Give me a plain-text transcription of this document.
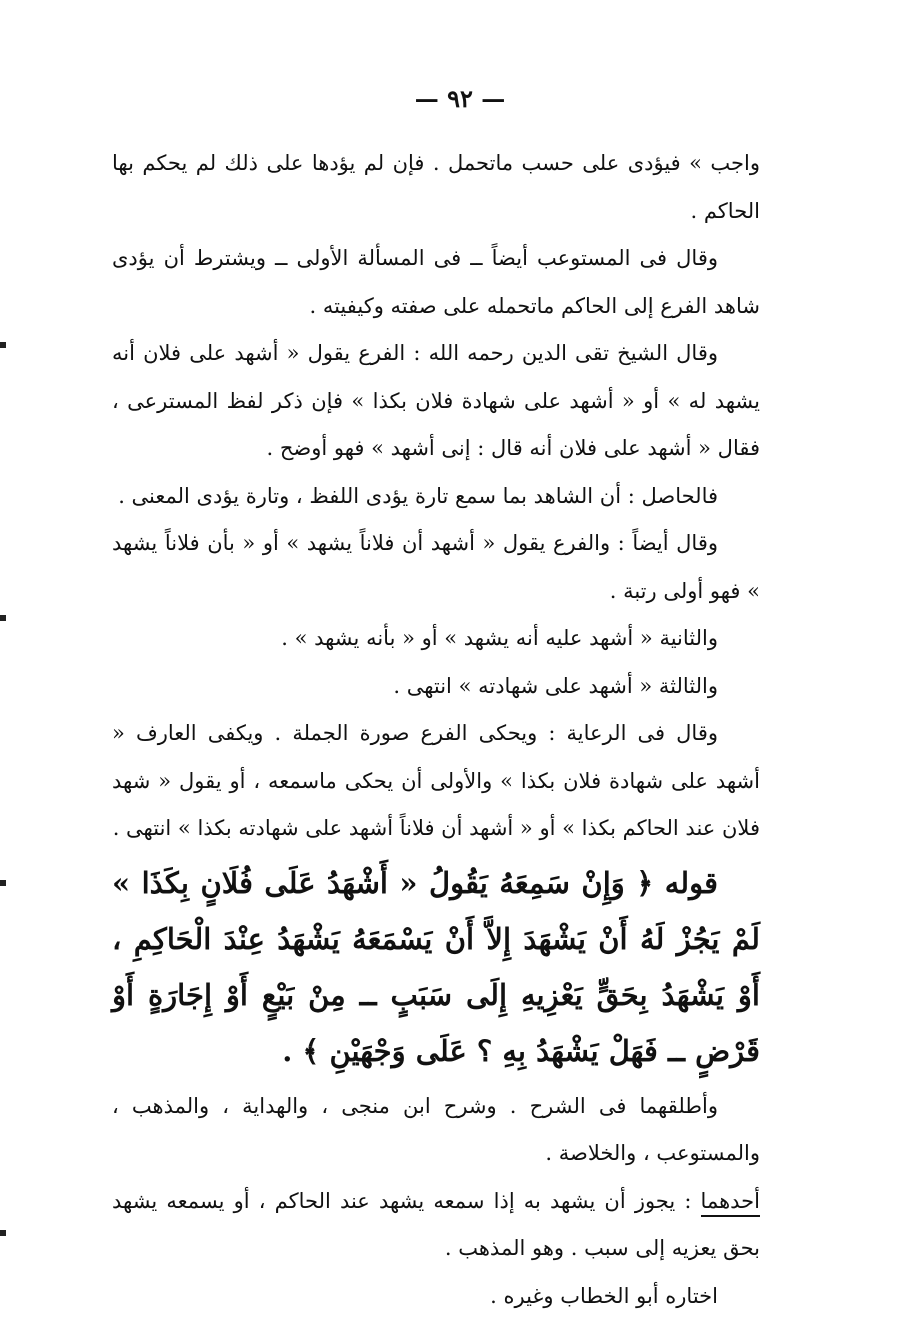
— ٩٢ —

واجب » فيؤدى على حسب ماتحمل . فإن لم يؤدها على ذلك لم يحكم بها الحاكم .

وقال فى المستوعب أيضاً ــ فى المسألة الأولى ــ ويشترط أن يؤدى شاهد الفرع إلى الحاكم ماتحمله على صفته وكيفيته .

وقال الشيخ تقى الدين رحمه الله : الفرع يقول « أشهد على فلان أنه يشهد له » أو « أشهد على شهادة فلان بكذا » فإن ذكر لفظ المسترعى ، فقال « أشهد على فلان أنه قال : إنى أشهد » فهو أوضح .

فالحاصل : أن الشاهد بما سمع تارة يؤدى اللفظ ، وتارة يؤدى المعنى .

وقال أيضاً : والفرع يقول « أشهد أن فلاناً يشهد » أو « بأن فلاناً يشهد » فهو أولى رتبة .

والثانية « أشهد عليه أنه يشهد » أو « بأنه يشهد » .

والثالثة « أشهد على شهادته » انتهى .

وقال فى الرعاية : ويحكى الفرع صورة الجملة . ويكفى العارف « أشهد على شهادة فلان بكذا » والأولى أن يحكى ماسمعه ، أو يقول « شهد فلان عند الحاكم بكذا » أو « أشهد أن فلاناً أشهد على شهادته بكذا » انتهى .

قوله ﴿ وَإِنْ سَمِعَهُ يَقُولُ « أَشْهَدُ عَلَى فُلَانٍ بِكَذَا » لَمْ يَجُزْ لَهُ أَنْ يَشْهَدَ إِلاَّ أَنْ يَسْمَعَهُ يَشْهَدُ عِنْدَ الْحَاكِمِ ، أَوْ يَشْهَدُ بِحَقٍّ يَعْزِيهِ إِلَى سَبَبٍ ــ مِنْ بَيْعٍ أَوْ إِجَارَةٍ أَوْ قَرْضٍ ــ فَهَلْ يَشْهَدُ بِهِ ؟ عَلَى وَجْهَيْنِ ﴾ .

وأطلقهما فى الشرح . وشرح ابن منجى ، والهداية ، والمذهب ، والمستوعب ، والخلاصة .

أحدهما : يجوز أن يشهد به إذا سمعه يشهد عند الحاكم ، أو يسمعه يشهد بحق يعزيه إلى سبب . وهو المذهب .

اختاره أبو الخطاب وغيره .
